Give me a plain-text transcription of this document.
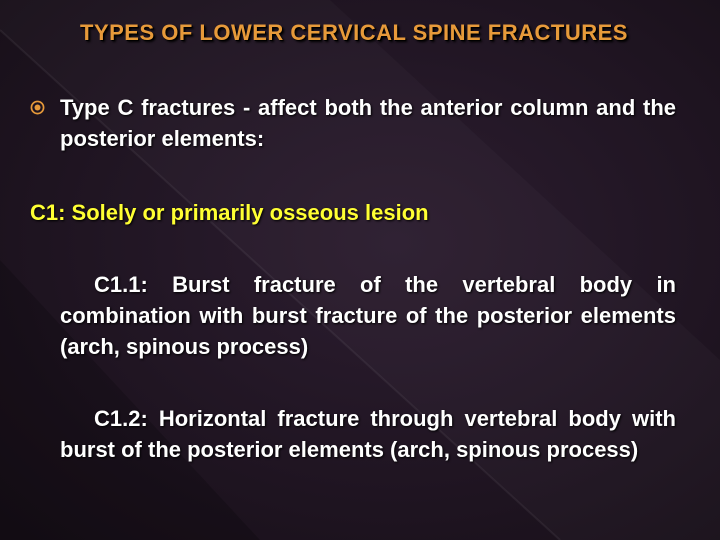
TYPES OF LOWER CERVICAL SPINE FRACTURES

Type C fractures - affect both the anterior column and the posterior elements:

C1: Solely or primarily osseous lesion

C1.1: Burst fracture of the vertebral body in combination with burst fracture of the posterior elements (arch, spinous process)

C1.2: Horizontal fracture through vertebral body with burst of the posterior elements (arch, spinous process)
